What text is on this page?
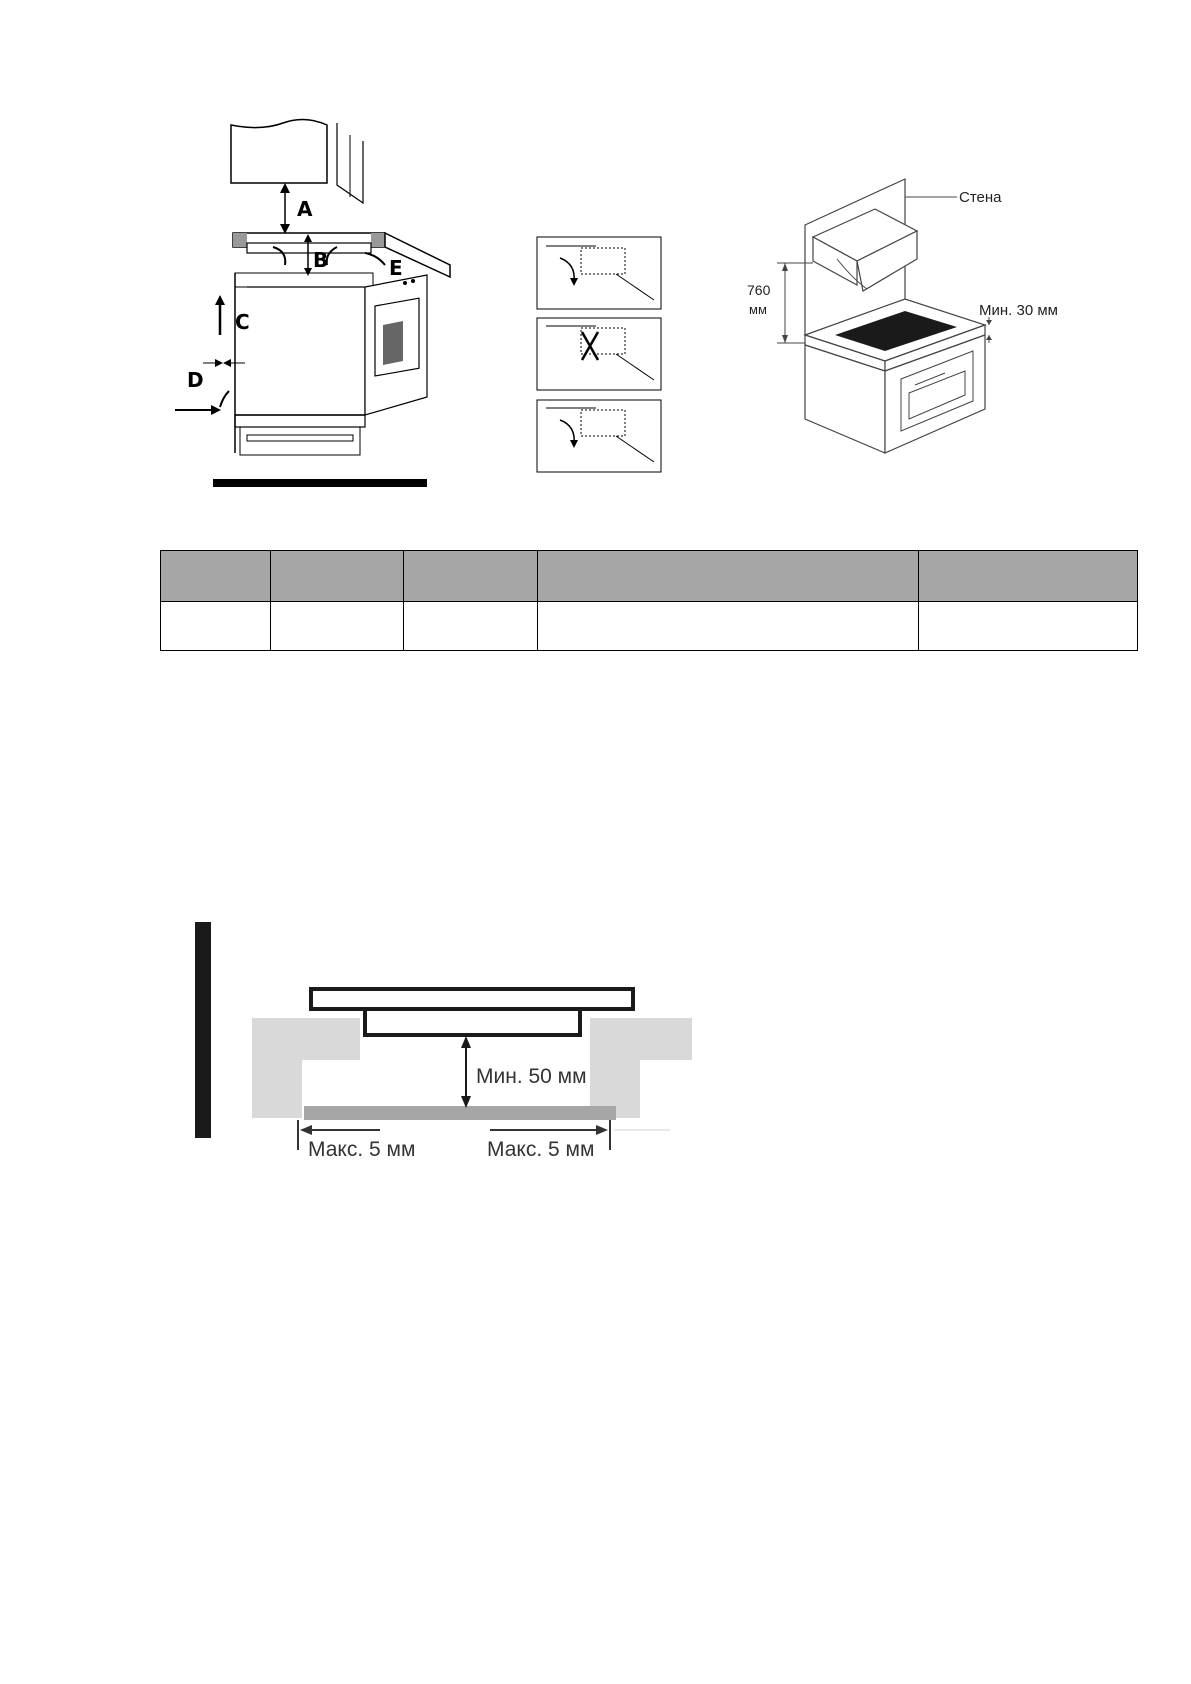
A
B	E
C
D
Стена
760
мм	Мин. 30 мм

Мин. 50 мм
Макс. 5 мм	Макс. 5 мм
